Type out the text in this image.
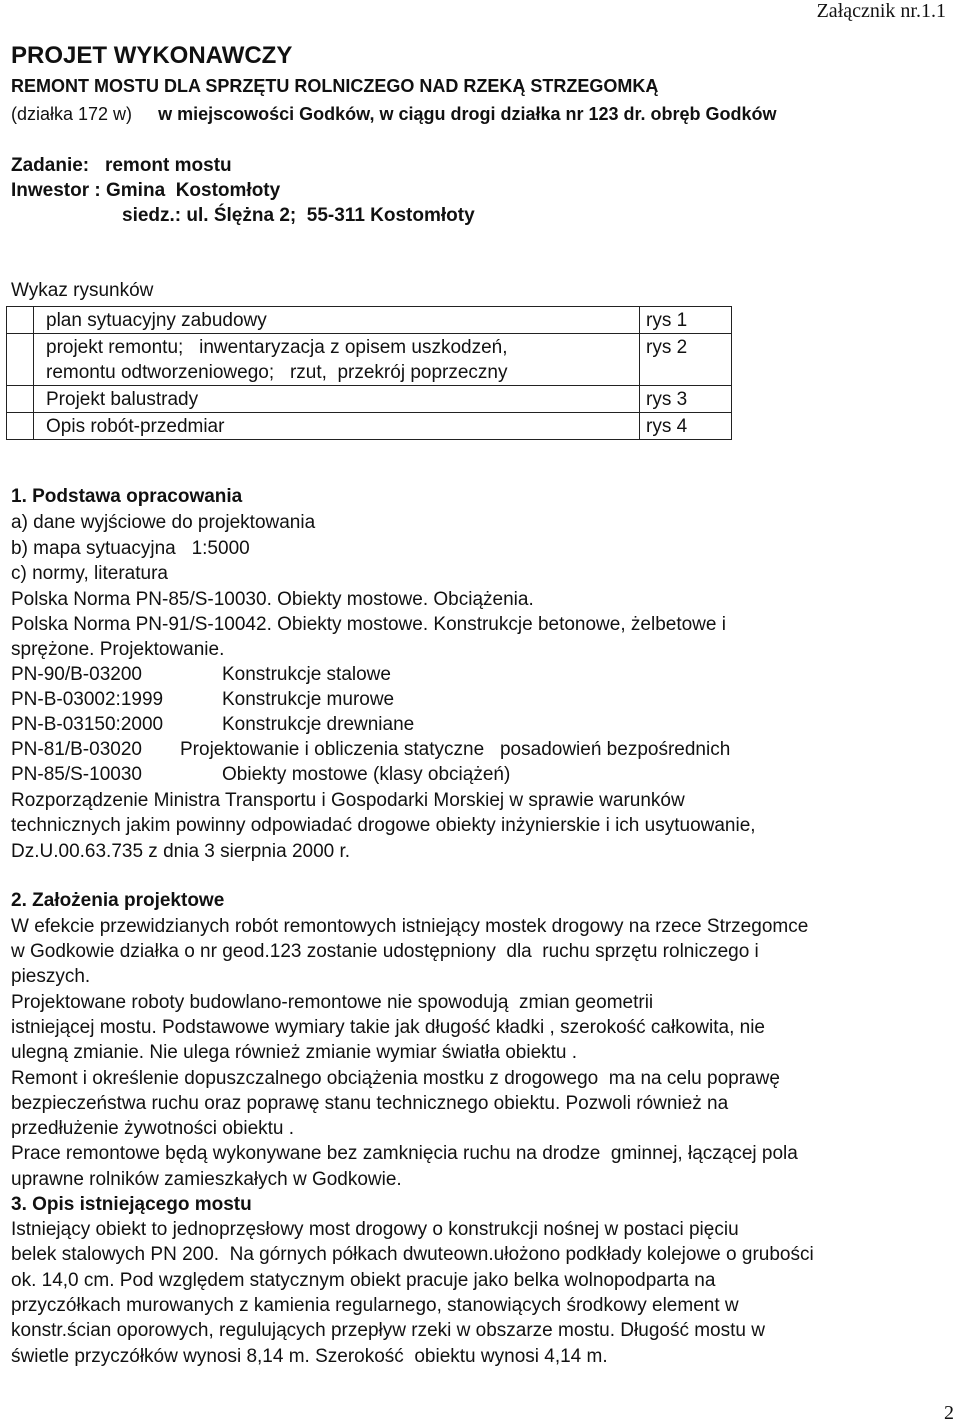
Załącznik nr.1.1
PROJET WYKONAWCZY
REMONT MOSTU DLA SPRZĘTU ROLNICZEGO NAD RZEKĄ STRZEGOMKĄ
(działka 172 w) w miejscowości Godków, w ciągu drogi działka nr 123 dr. obręb Godków
Zadanie:   remont mostu
Inwestor : Gmina  Kostomłoty
siedz.: ul. Ślężna 2;  55-311 Kostomłoty
Wykaz rysunków
	plan sytuacyjny zabudowy	rys 1

	projekt remontu;   inwentaryzacja z opisem uszkodzeń,
remontu odtworzeniowego;   rzut,  przekrój poprzeczny	rys 2
	Projekt balustrady	rys 3
	Opis robót-przedmiar	rys 4
1. Podstawa opracowania
a) dane wyjściowe do projektowania
b) mapa sytuacyjna   1:5000
c) normy, literatura
Polska Norma PN-85/S-10030. Obiekty mostowe. Obciążenia.
Polska Norma PN-91/S-10042. Obiekty mostowe. Konstrukcje betonowe, żelbetowe i
sprężone. Projektowanie.
PN-90/B-03200	Konstrukcje stalowe
PN-B-03002:1999	Konstrukcje murowe
PN-B-03150:2000	Konstrukcje drewniane
PN-81/B-03020 Projektowanie i obliczenia statyczne   posadowień bezpośrednich
PN-85/S-10030	Obiekty mostowe (klasy obciążeń)
Rozporządzenie Ministra Transportu i Gospodarki Morskiej w sprawie warunków
technicznych jakim powinny odpowiadać drogowe obiekty inżynierskie i ich usytuowanie,
Dz.U.00.63.735 z dnia 3 sierpnia 2000 r.
2. Założenia projektowe
W efekcie przewidzianych robót remontowych istniejący mostek drogowy na rzece Strzegomce
w Godkowie działka o nr geod.123 zostanie udostępniony  dla  ruchu sprzętu rolniczego i
pieszych.
Projektowane roboty budowlano-remontowe nie spowodują  zmian geometrii
istniejącej mostu. Podstawowe wymiary takie jak długość kładki , szerokość całkowita, nie
ulegną zmianie. Nie ulega również zmianie wymiar światła obiektu .
Remont i określenie dopuszczalnego obciążenia mostku z drogowego  ma na celu poprawę
bezpieczeństwa ruchu oraz poprawę stanu technicznego obiektu. Pozwoli również na
przedłużenie żywotności obiektu .
Prace remontowe będą wykonywane bez zamknięcia ruchu na drodze  gminnej, łączącej pola
uprawne rolników zamieszkałych w Godkowie.
3. Opis istniejącego mostu
Istniejący obiekt to jednoprzęsłowy most drogowy o konstrukcji nośnej w postaci pięciu
belek stalowych PN 200.  Na górnych półkach dwuteown.ułożono podkłady kolejowe o grubości
ok. 14,0 cm. Pod względem statycznym obiekt pracuje jako belka wolnopodparta na
przyczółkach murowanych z kamienia regularnego, stanowiących środkowy element w
konstr.ścian oporowych, regulujących przepływ rzeki w obszarze mostu. Długość mostu w
świetle przyczółków wynosi 8,14 m. Szerokość  obiektu wynosi 4,14 m.
2
